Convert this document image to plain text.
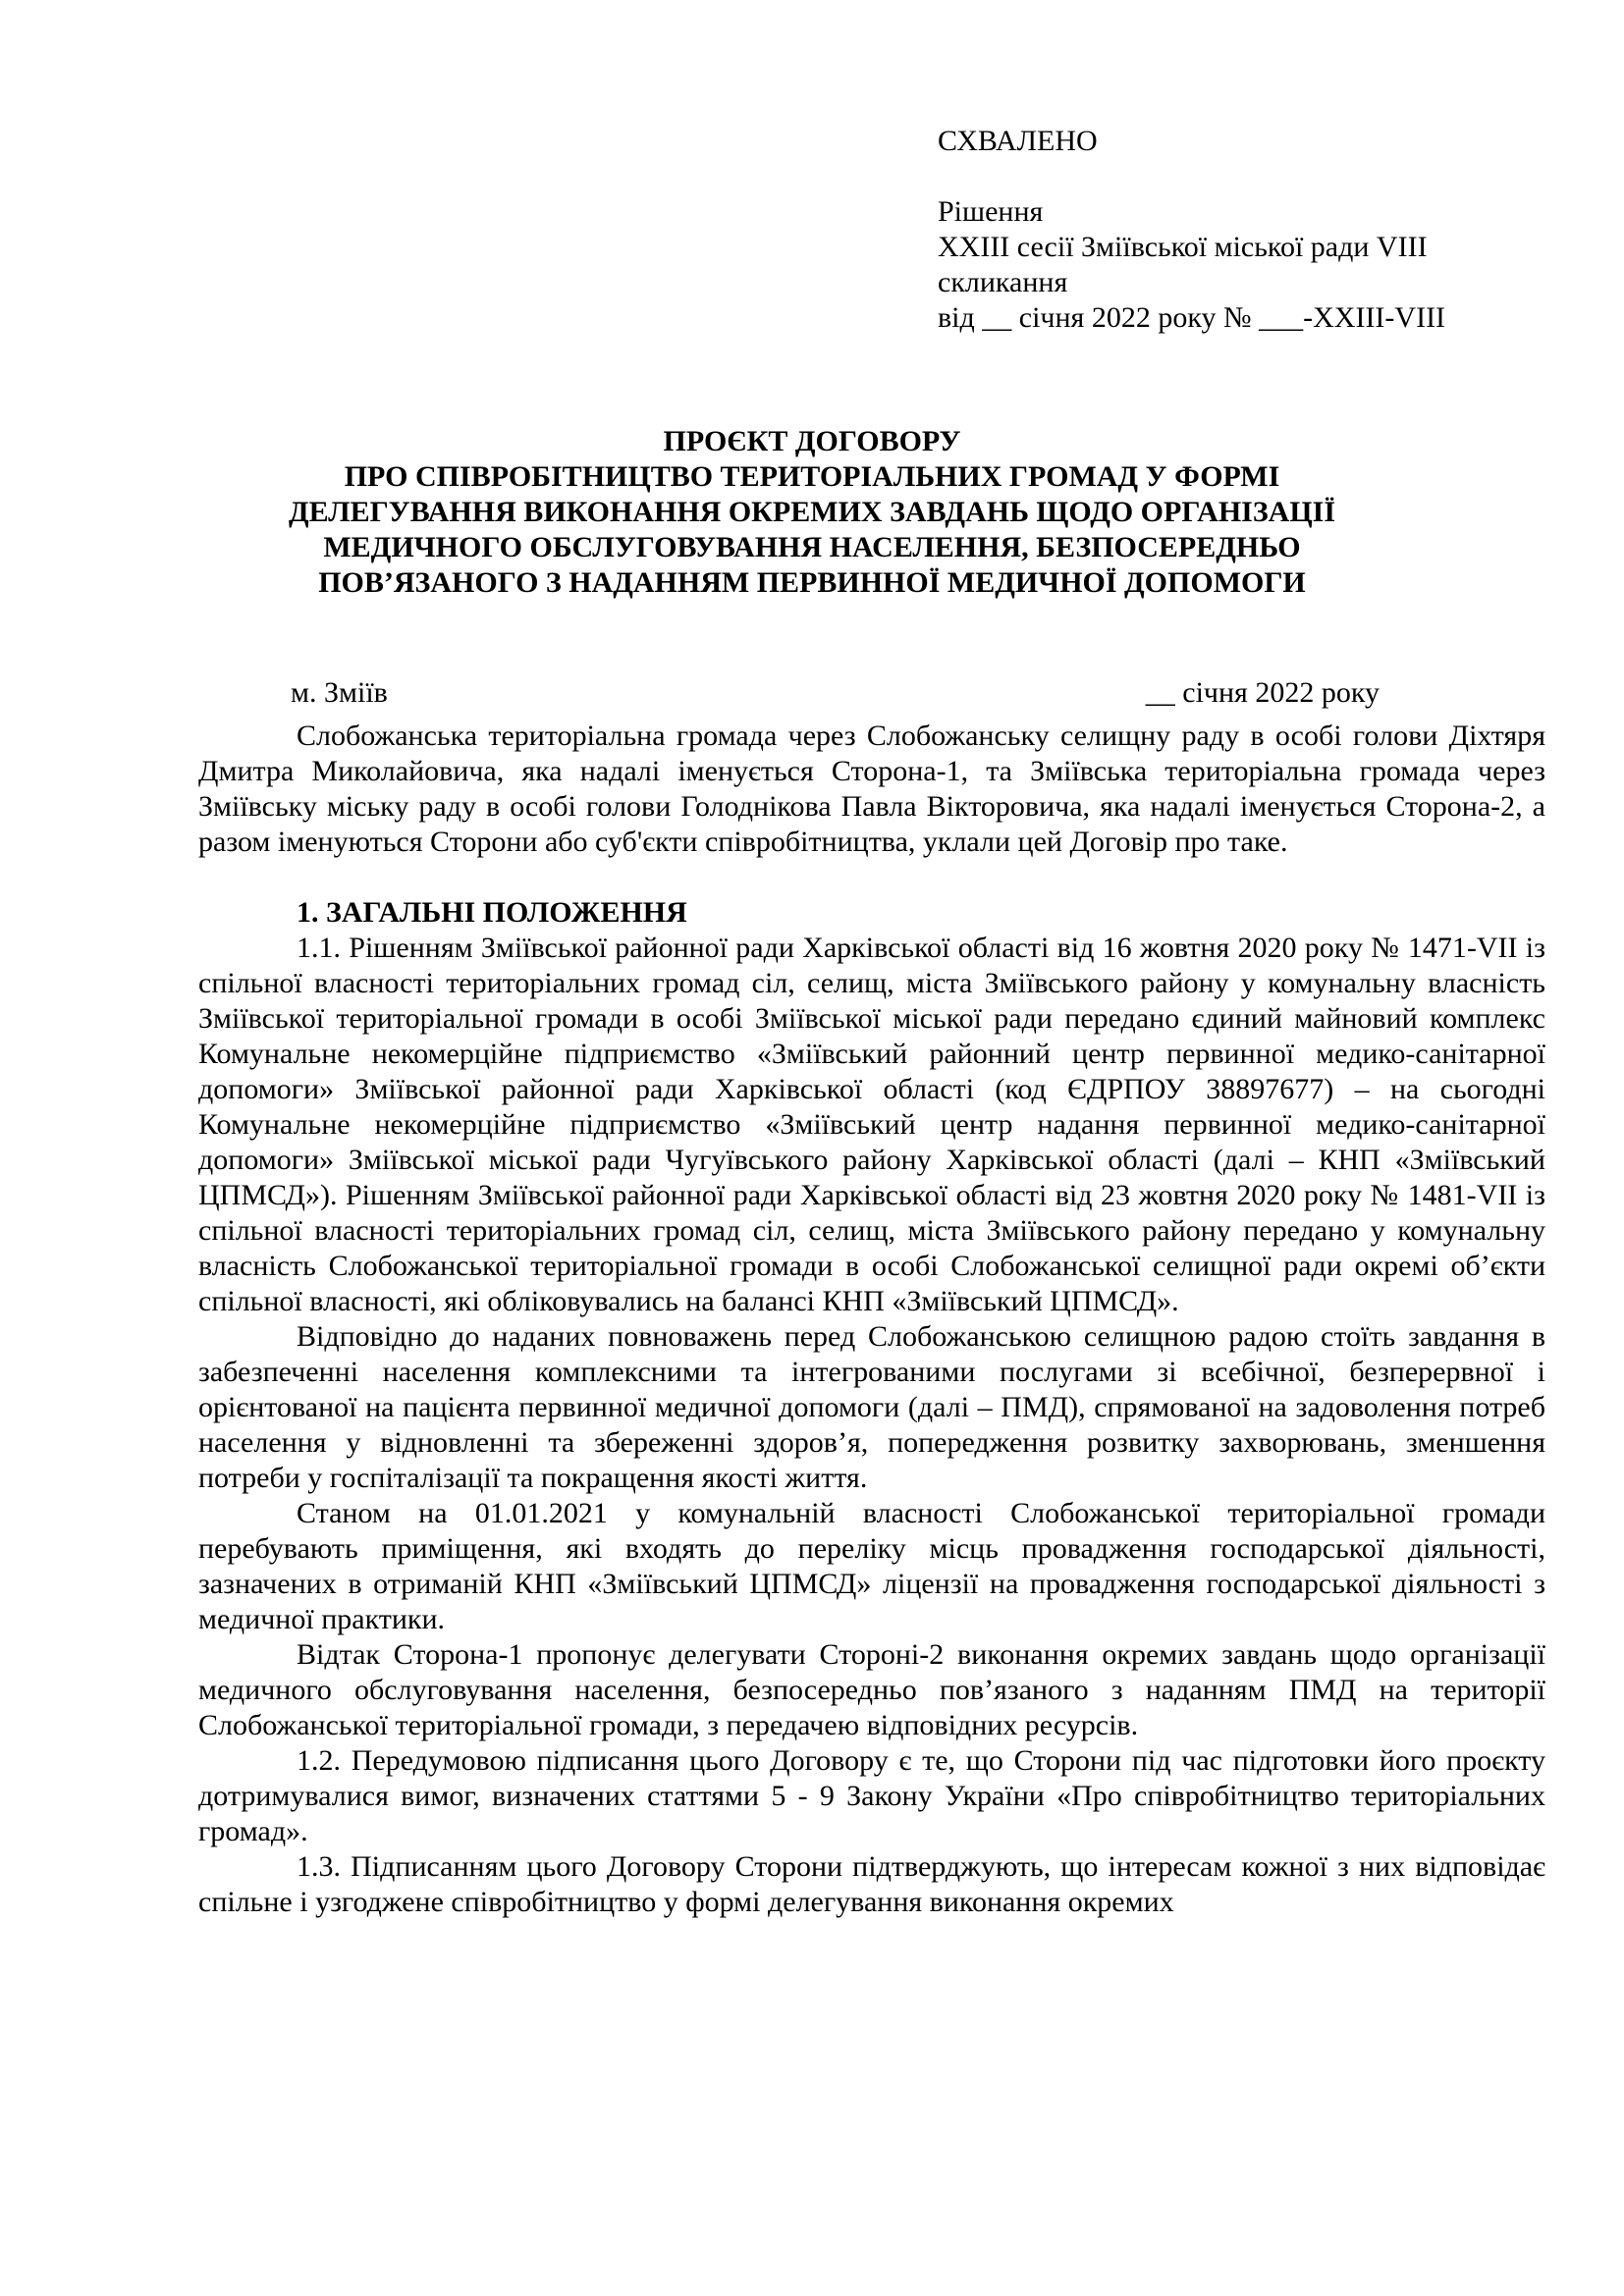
СХВАЛЕНО
Рішення
XXIII сесії Зміївської міської ради VIII
скликання
від __ січня 2022 року № ___-XXIII-VIII
ПРОЄКТ ДОГОВОРУ
ПРО СПІВРОБІТНИЦТВО ТЕРИТОРІАЛЬНИХ ГРОМАД У ФОРМІ
ДЕЛЕГУВАННЯ ВИКОНАННЯ ОКРЕМИХ ЗАВДАНЬ ЩОДО ОРГАНІЗАЦІЇ
МЕДИЧНОГО ОБСЛУГОВУВАННЯ НАСЕЛЕННЯ, БЕЗПОСЕРЕДНЬО
ПОВ’ЯЗАНОГО З НАДАННЯМ ПЕРВИННОЇ МЕДИЧНОЇ ДОПОМОГИ
м. Зміїв	__ січня 2022 року

Слобожанська територіальна громада через Слобожанську селищну раду в особі голови Діхтяря Дмитра Миколайовича, яка надалі іменується Сторона-1, та Зміївська територіальна громада через Зміївську міську раду в особі голови Голоднікова Павла Вікторовича, яка надалі іменується Сторона-2, а разом іменуються Сторони або суб'єкти співробітництва, уклали цей Договір про таке.

1. ЗАГАЛЬНІ ПОЛОЖЕННЯ

1.1. Рішенням Зміївської районної ради Харківської області від 16 жовтня 2020 року № 1471-VII із спільної власності територіальних громад сіл, селищ, міста Зміївського району у комунальну власність Зміївської територіальної громади в особі Зміївської міської ради передано єдиний майновий комплекс Комунальне некомерційне підприємство «Зміївський районний центр первинної медико-санітарної допомоги» Зміївської районної ради Харківської області (код ЄДРПОУ 38897677) – на сьогодні Комунальне некомерційне підприємство «Зміївський центр надання первинної медико-санітарної допомоги» Зміївської міської ради Чугуївського району Харківської області (далі – КНП «Зміївський ЦПМСД»). Рішенням Зміївської районної ради Харківської області від 23 жовтня 2020 року № 1481-VII із спільної власності територіальних громад сіл, селищ, міста Зміївського району передано у комунальну власність Слобожанської територіальної громади в особі Слобожанської селищної ради окремі об’єкти спільної власності, які обліковувались на балансі КНП «Зміївський ЦПМСД».

Відповідно до наданих повноважень перед Слобожанською селищною радою стоїть завдання в забезпеченні населення комплексними та інтегрованими послугами зі всебічної, безперервної і орієнтованої на пацієнта первинної медичної допомоги (далі – ПМД), спрямованої на задоволення потреб населення у відновленні та збереженні здоров’я, попередження розвитку захворювань, зменшення потреби у госпіталізації та покращення якості життя.

Станом на 01.01.2021 у комунальній власності Слобожанської територіальної громади перебувають приміщення, які входять до переліку місць провадження господарської діяльності, зазначених в отриманій КНП «Зміївський ЦПМСД» ліцензії на провадження господарської діяльності з медичної практики.

Відтак Сторона-1 пропонує делегувати Стороні-2 виконання окремих завдань щодо організації медичного обслуговування населення, безпосередньо пов’язаного з наданням ПМД на території Слобожанської територіальної громади, з передачею відповідних ресурсів.

1.2. Передумовою підписання цього Договору є те, що Сторони під час підготовки його проєкту дотримувалися вимог, визначених статтями 5 - 9 Закону України «Про співробітництво територіальних громад».

1.3. Підписанням цього Договору Сторони підтверджують, що інтересам кожної з них відповідає спільне і узгоджене співробітництво у формі делегування виконання окремих
